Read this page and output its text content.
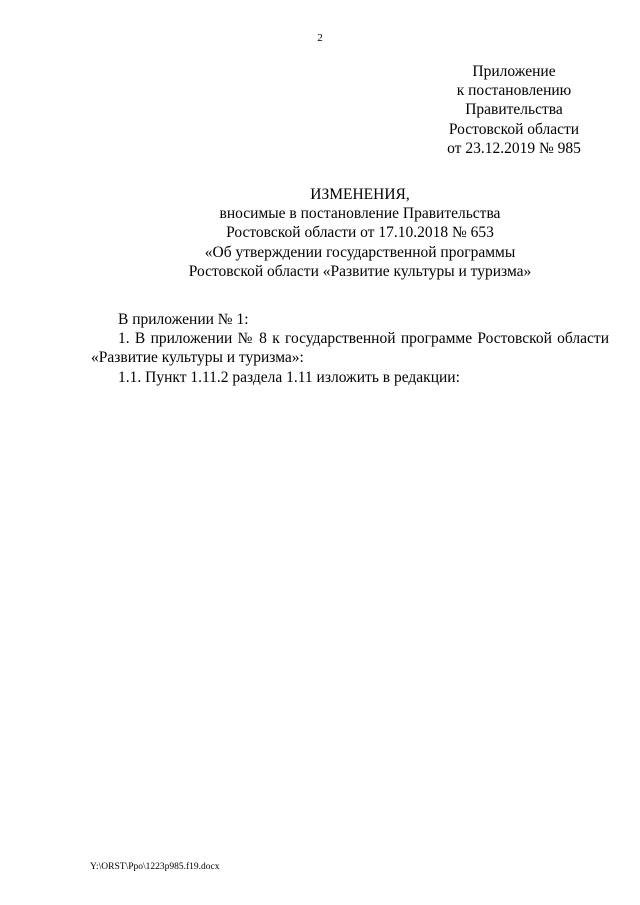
2
Приложение
к постановлению
Правительства
Ростовской области
от 23.12.2019 № 985
ИЗМЕНЕНИЯ,
вносимые в постановление Правительства
Ростовской области от 17.10.2018 № 653
«Об утверждении государственной программы
Ростовской области «Развитие культуры и туризма»
В приложении № 1:
1. В приложении № 8 к государственной программе Ростовской области
«Развитие культуры и туризма»:
1.1. Пункт 1.11.2 раздела 1.11 изложить в редакции:
Y:\ORST\Ppo\1223p985.f19.docx
